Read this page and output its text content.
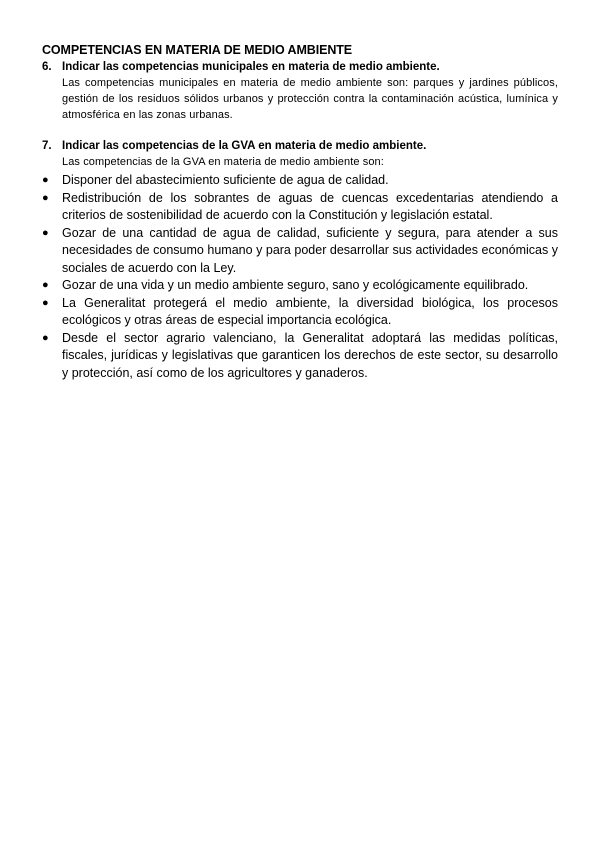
COMPETENCIAS EN MATERIA DE MEDIO AMBIENTE
6. Indicar las competencias municipales en materia de medio ambiente.
Las competencias municipales en materia de medio ambiente son: parques y jardines públicos, gestión de los residuos sólidos urbanos y protección contra la contaminación acústica, lumínica y atmosférica en las zonas urbanas.
7. Indicar las competencias de la GVA en materia de medio ambiente.
Las competencias de la GVA en materia de medio ambiente son:
●	Disponer del abastecimiento suficiente de agua de calidad.
●	Redistribución de los sobrantes de aguas de cuencas excedentarias atendiendo a criterios de sostenibilidad de acuerdo con la Constitución y legislación estatal.
●	Gozar de una cantidad de agua de calidad, suficiente y segura, para atender a sus necesidades de consumo humano y para poder desarrollar sus actividades económicas y sociales de acuerdo con la Ley.
●	Gozar de una vida y un medio ambiente seguro, sano y ecológicamente equilibrado.
●	La Generalitat protegerá el medio ambiente, la diversidad biológica, los procesos ecológicos y otras áreas de especial importancia ecológica.
●	Desde el sector agrario valenciano, la Generalitat adoptará las medidas políticas, fiscales, jurídicas y legislativas que garanticen los derechos de este sector, su desarrollo y protección, así como de los agricultores y ganaderos.
